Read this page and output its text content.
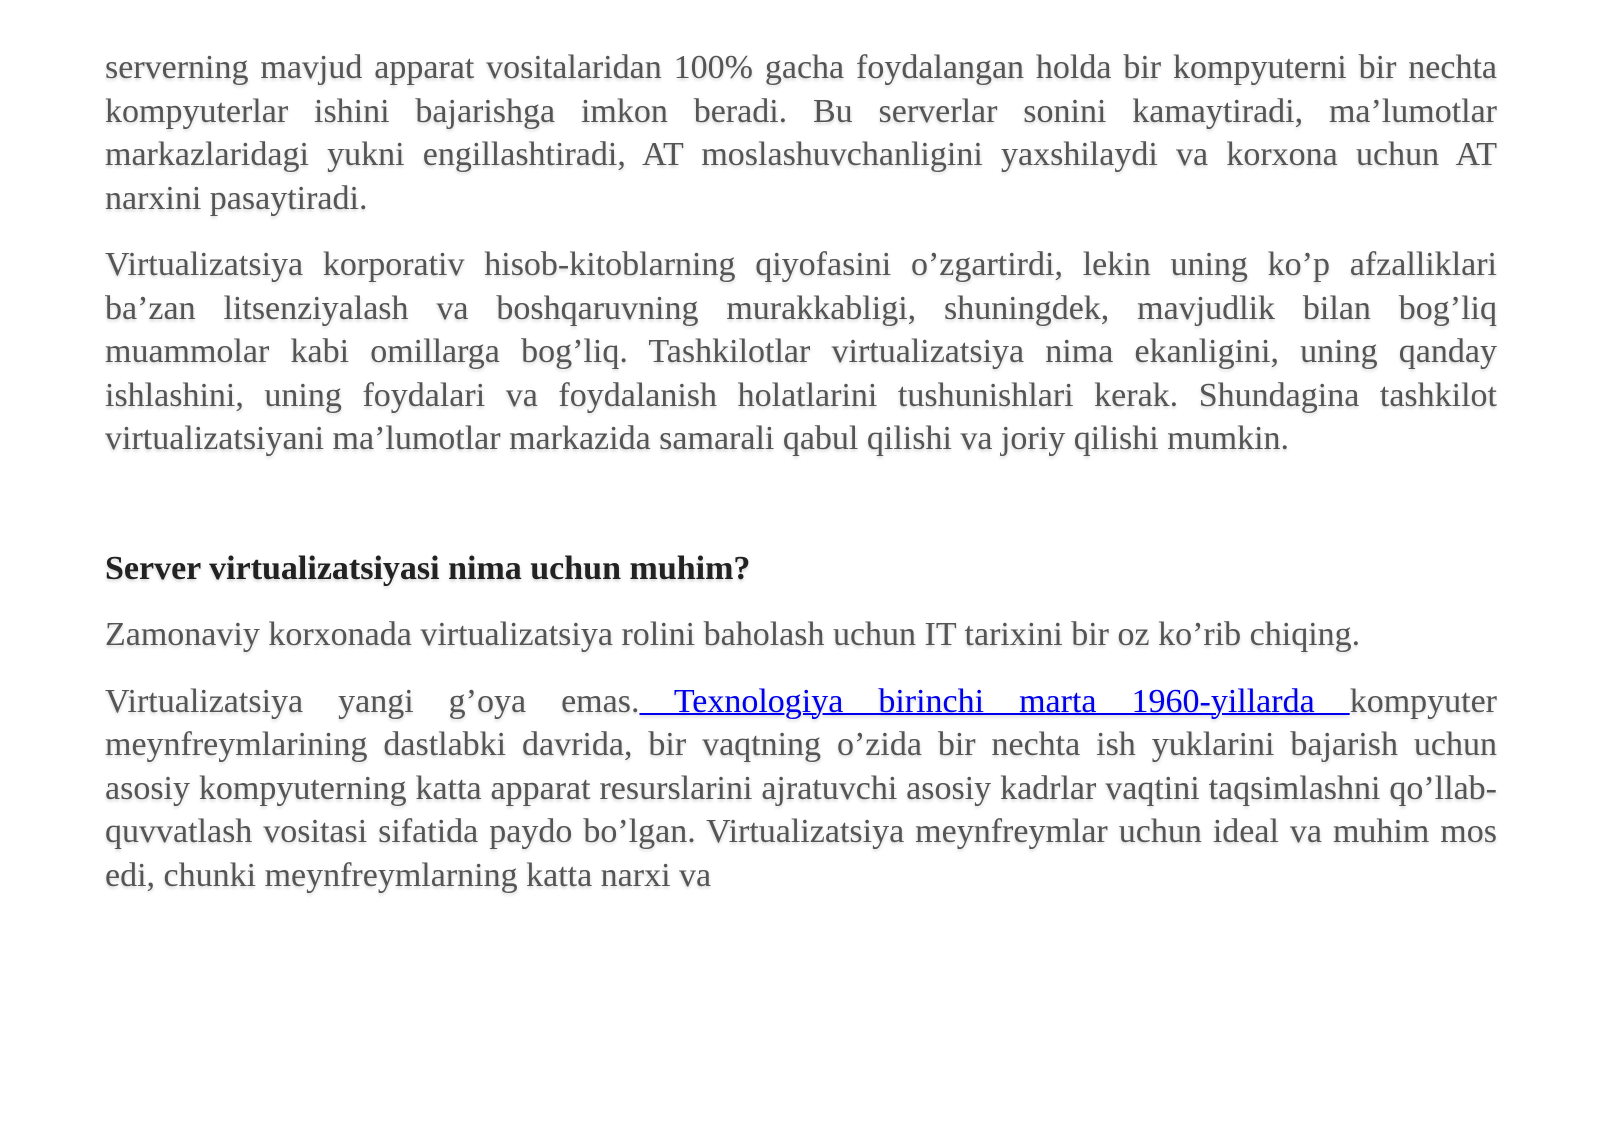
serverning mavjud apparat vositalaridan 100% gacha foydalangan holda bir kompyuterni bir nechta kompyuterlar ishini bajarishga imkon beradi. Bu serverlar sonini kamaytiradi, ma’lumotlar markazlaridagi yukni engillashtiradi, AT moslashuvchanligini yaxshilaydi va korxona uchun AT narxini pasaytiradi.

Virtualizatsiya korporativ hisob-kitoblarning qiyofasini o’zgartirdi, lekin uning ko’p afzalliklari ba’zan litsenziyalash va boshqaruvning murakkabligi, shuningdek, mavjudlik bilan bog’liq muammolar kabi omillarga bog’liq. Tashkilotlar virtualizatsiya nima ekanligini, uning qanday ishlashini, uning foydalari va foydalanish holatlarini tushunishlari kerak. Shundagina tashkilot virtualizatsiyani ma’lumotlar markazida samarali qabul qilishi va joriy qilishi mumkin.

Server virtualizatsiyasi nima uchun muhim?

Zamonaviy korxonada virtualizatsiya rolini baholash uchun IT tarixini bir oz ko’rib chiqing.

Virtualizatsiya yangi g’oya emas. Texnologiya birinchi marta 1960-yillarda kompyuter meynfreymlarining dastlabki davrida, bir vaqtning o’zida bir nechta ish yuklarini bajarish uchun asosiy kompyuterning katta apparat resurslarini ajratuvchi asosiy kadrlar vaqtini taqsimlashni qo’llab-quvvatlash vositasi sifatida paydo bo’lgan. Virtualizatsiya meynfreymlar uchun ideal va muhim mos edi, chunki meynfreymlarning katta narxi va
